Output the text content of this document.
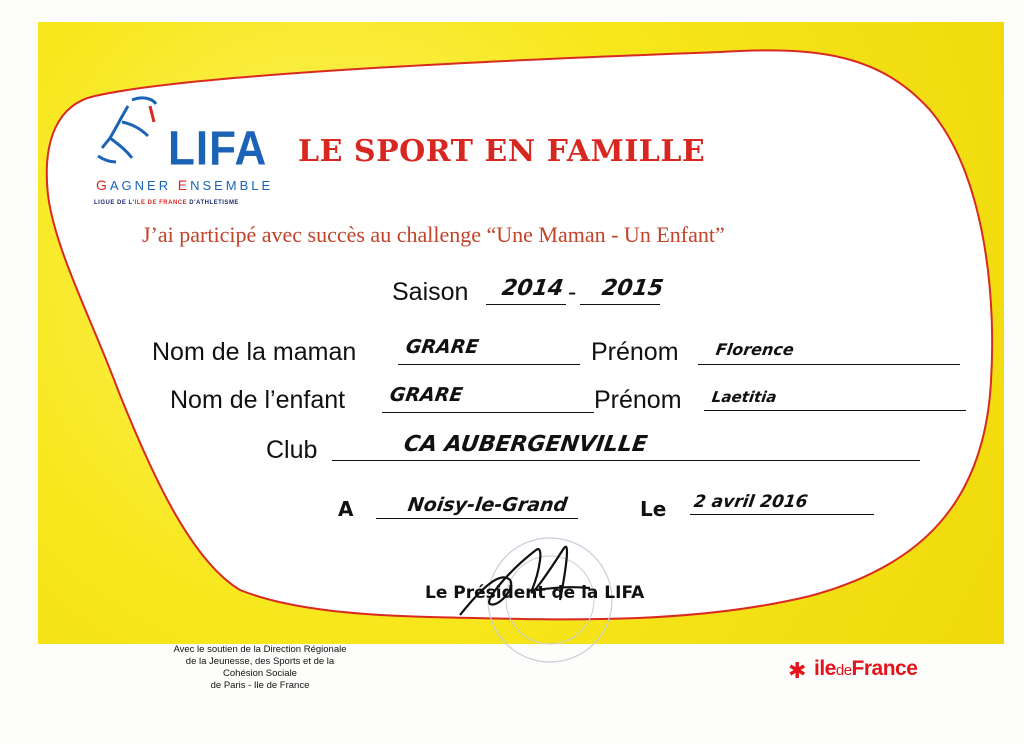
LIFA
GAGNER ENSEMBLE
LIGUE DE L'ILE DE FRANCE D'ATHLETISME
LE SPORT EN FAMILLE
J’ai participé avec succès au challenge “Une Maman - Un Enfant”
Saison 2014 - 2015
Nom de la maman	GRARE	Prénom Florence
Nom de l’enfant GRARE	Prénom Laetitia
Club	CA AUBERGENVILLE
A	Noisy-le-Grand	Le 2 avril 2016
Le Président de la LIFA
Avec le soutien de la Direction Régionale
de la Jeunesse, des Sports et de la
Cohésion Sociale
de Paris - Ile de France
✱ iledeFrance
